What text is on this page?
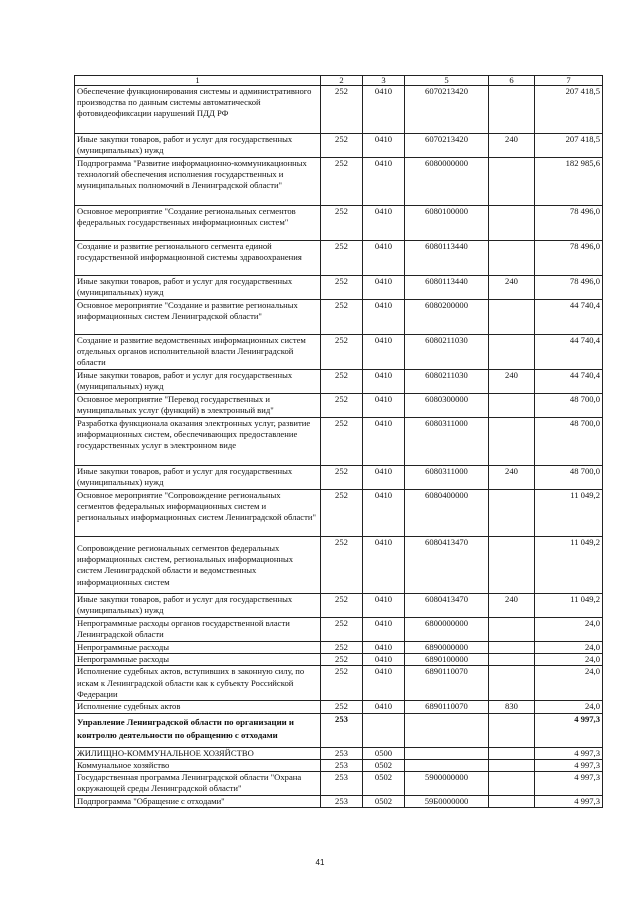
1	2	3	5	6	7
Обеспечение функционирования системы и административного производства по данным системы автоматической фотовидеофиксации нарушений ПДД РФ	252	0410	6070213420		207 418,5
Иные закупки товаров, работ и услуг для государственных (муниципальных) нужд	252	0410	6070213420	240	207 418,5
Подпрограмма "Развитие информационно-коммуникационных технологий обеспечения исполнения государственных и муниципальных полномочий в Ленинградской области"	252	0410	6080000000		182 985,6
Основное мероприятие "Создание региональных сегментов федеральных государственных информационных систем"	252	0410	6080100000		78 496,0
Создание и развитие регионального сегмента единой государственной информационной системы здравоохранения	252	0410	6080113440		78 496,0
Иные закупки товаров, работ и услуг для государственных (муниципальных) нужд	252	0410	6080113440	240	78 496,0
Основное мероприятие "Создание и развитие региональных информационных систем Ленинградской области"	252	0410	6080200000		44 740,4
Создание и развитие ведомственных информационных систем отдельных органов исполнительной власти Ленинградской области	252	0410	6080211030		44 740,4
Иные закупки товаров, работ и услуг для государственных (муниципальных) нужд	252	0410	6080211030	240	44 740,4
Основное мероприятие "Перевод государственных и муниципальных услуг (функций) в электронный вид"	252	0410	6080300000		48 700,0
Разработка функционала оказания электронных услуг, развитие информационных систем, обеспечивающих предоставление государственных услуг в электронном виде	252	0410	6080311000		48 700,0
Иные закупки товаров, работ и услуг для государственных (муниципальных) нужд	252	0410	6080311000	240	48 700,0
Основное мероприятие "Сопровождение региональных сегментов федеральных информационных систем и региональных информационных систем Ленинградской области"	252	0410	6080400000		11 049,2
Сопровождение региональных сегментов федеральных информационных систем, региональных информационных систем Ленинградской области и ведомственных информационных систем	252	0410	6080413470		11 049,2
Иные закупки товаров, работ и услуг для государственных (муниципальных) нужд	252	0410	6080413470	240	11 049,2
Непрограммные расходы органов государственной власти Ленинградской области	252	0410	6800000000		24,0
Непрограммные расходы	252	0410	6890000000		24,0
Непрограммные расходы	252	0410	6890100000		24,0
Исполнение судебных актов, вступивших в законную силу, по искам к Ленинградской области как к субъекту Российской Федерации	252	0410	6890110070		24,0
Исполнение судебных актов	252	0410	6890110070	830	24,0
Управление Ленинградской области по организации и контролю деятельности по обращению с отходами	253				4 997,3
ЖИЛИЩНО-КОММУНАЛЬНОЕ ХОЗЯЙСТВО	253	0500			4 997,3
Коммунальное хозяйство	253	0502			4 997,3
Государственная программа Ленинградской области "Охрана окружающей среды Ленинградской области"	253	0502	5900000000		4 997,3
Подпрограмма "Обращение с отходами"	253	0502	59Б0000000		4 997,3
41
